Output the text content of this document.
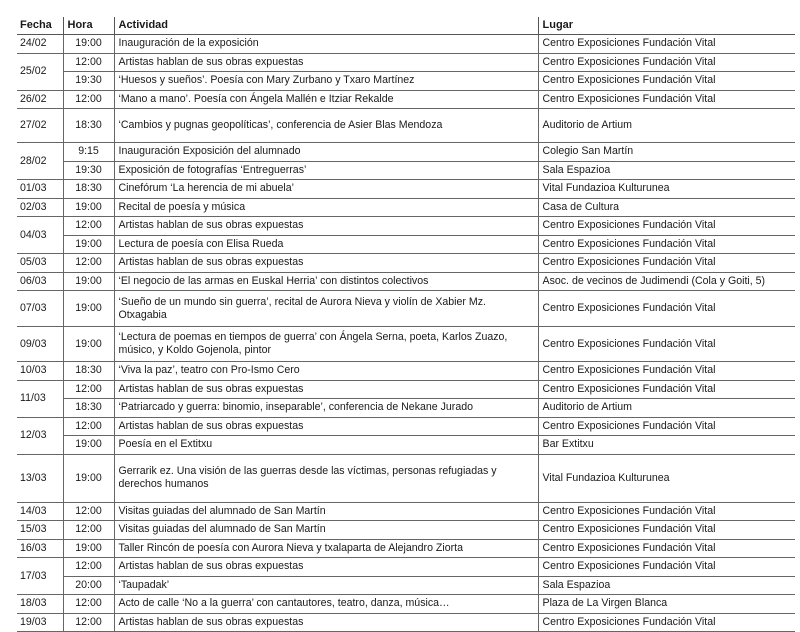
Fecha	Hora	Actividad	Lugar
24/02	19:00	Inauguración de la exposición	Centro Exposiciones Fundación Vital
25/02	12:00	Artistas hablan de sus obras expuestas	Centro Exposiciones Fundación Vital
	19:30	‘Huesos y sueños’. Poesía con Mary Zurbano y Txaro Martínez	Centro Exposiciones Fundación Vital
26/02	12:00	‘Mano a mano’. Poesía con Ángela Mallén e Itziar Rekalde	Centro Exposiciones Fundación Vital
27/02	18:30	‘Cambios y pugnas geopolíticas’, conferencia de Asier Blas Mendoza	Auditorio de Artium
28/02	9:15	Inauguración Exposición del alumnado	Colegio San Martín
	19:30	Exposición de fotografías ‘Entreguerras’	Sala Espazioa
01/03	18:30	Cinefórum ‘La herencia de mi abuela’	Vital Fundazioa Kulturunea
02/03	19:00	Recital de poesía y música	Casa de Cultura
04/03	12:00	Artistas hablan de sus obras expuestas	Centro Exposiciones Fundación Vital
	19:00	Lectura de poesía con Elisa Rueda	Centro Exposiciones Fundación Vital
05/03	12:00	Artistas hablan de sus obras expuestas	Centro Exposiciones Fundación Vital
06/03	19:00	‘El negocio de las armas en Euskal Herria’ con distintos colectivos	Asoc. de vecinos de Judimendi (Cola y Goiti, 5)
07/03	19:00	‘Sueño de un mundo sin guerra’, recital de Aurora Nieva y violín de Xabier Mz. Otxagabia	Centro Exposiciones Fundación Vital
09/03	19:00	‘Lectura de poemas en tiempos de guerra’ con Ángela Serna, poeta, Karlos Zuazo, músico, y Koldo Gojenola, pintor	Centro Exposiciones Fundación Vital
10/03	18:30	‘Viva la paz’, teatro con Pro-Ismo Cero	Centro Exposiciones Fundación Vital
11/03	12:00	Artistas hablan de sus obras expuestas	Centro Exposiciones Fundación Vital
	18:30	‘Patriarcado y guerra: binomio, inseparable’, conferencia de Nekane Jurado	Auditorio de Artium
12/03	12:00	Artistas hablan de sus obras expuestas	Centro Exposiciones Fundación Vital
	19:00	Poesía en el Extitxu	Bar Extitxu
13/03	19:00	Gerrarik ez. Una visión de las guerras desde las víctimas, personas refugiadas y derechos humanos	Vital Fundazioa Kulturunea
14/03	12:00	Visitas guiadas del alumnado de San Martín	Centro Exposiciones Fundación Vital
15/03	12:00	Visitas guiadas del alumnado de San Martín	Centro Exposiciones Fundación Vital
16/03	19:00	Taller Rincón de poesía con Aurora Nieva y txalaparta de Alejandro Ziorta	Centro Exposiciones Fundación Vital
17/03	12:00	Artistas hablan de sus obras expuestas	Centro Exposiciones Fundación Vital
	20:00	‘Taupadak’	Sala Espazioa
18/03	12:00	Acto de calle ‘No a la guerra’ con cantautores, teatro, danza, música…	Plaza de La Virgen Blanca
19/03	12:00	Artistas hablan de sus obras expuestas	Centro Exposiciones Fundación Vital
